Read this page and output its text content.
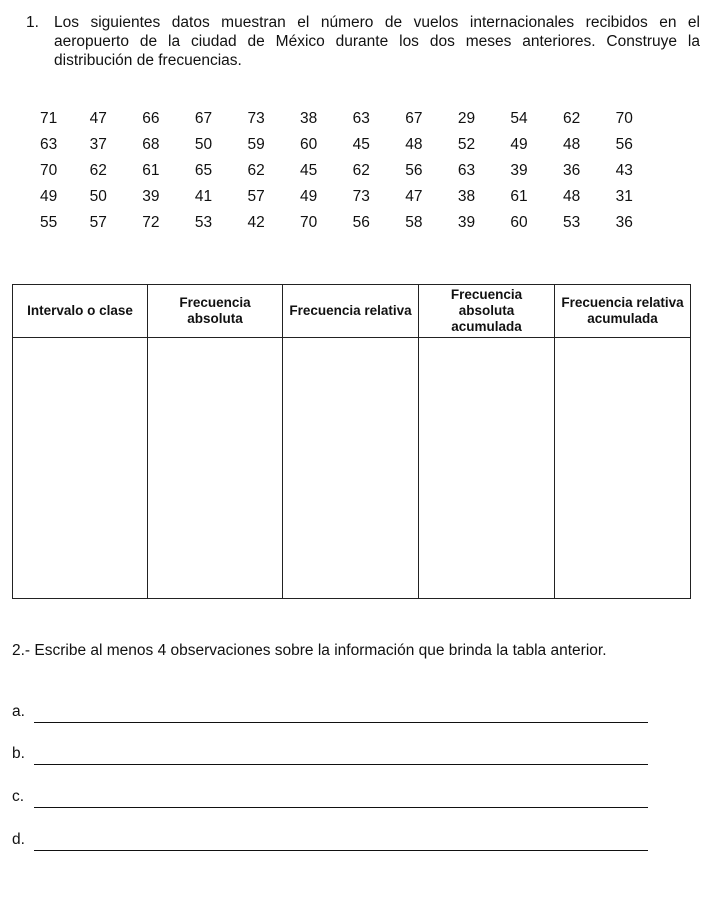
1. Los siguientes datos muestran el número de vuelos internacionales recibidos en el aeropuerto de la ciudad de México durante los dos meses anteriores. Construye la distribución de frecuencias.
71	47	66	67	73	38	63	67	29	54	62	70
63	37	68	50	59	60	45	48	52	49	48	56
70	62	61	65	62	45	62	56	63	39	36	43
49	50	39	41	57	49	73	47	38	61	48	31
55	57	72	53	42	70	56	58	39	60	53	36
Intervalo o clase	Frecuencia absoluta	Frecuencia relativa	Frecuencia absoluta acumulada	Frecuencia relativa acumulada

2.- Escribe al menos 4 observaciones sobre la información que brinda la tabla anterior.
a.
b.
c.
d.
